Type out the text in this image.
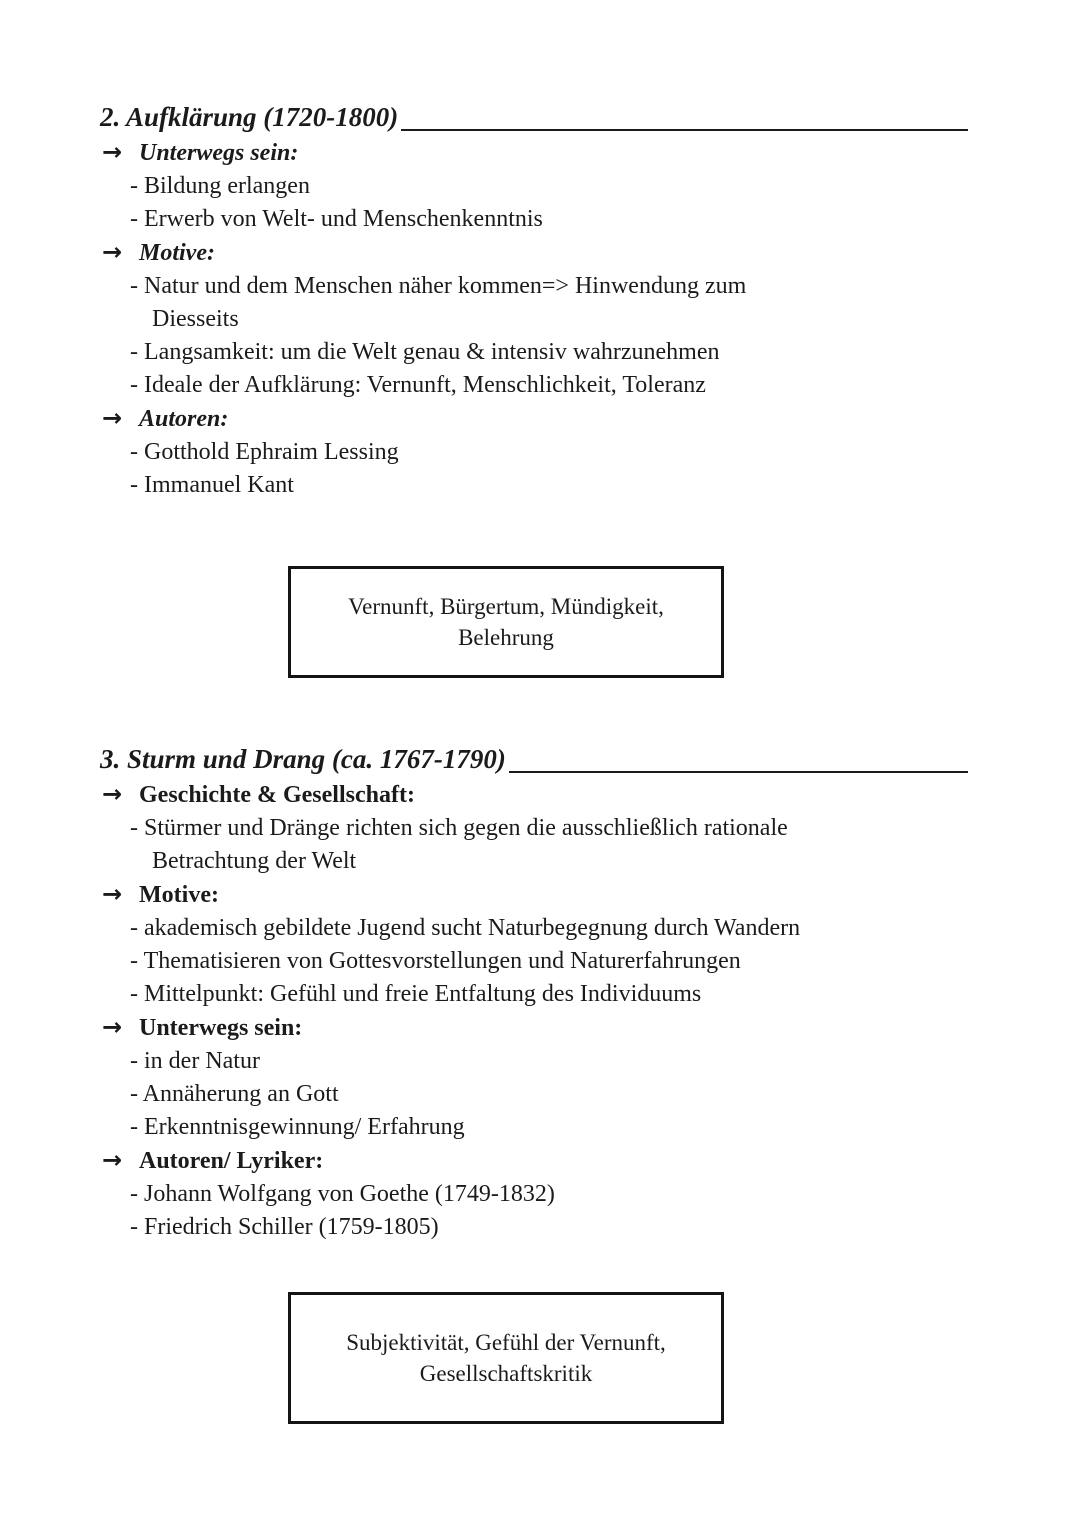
2. Aufklärung (1720-1800)
→
Unterwegs sein:
- Bildung erlangen
- Erwerb von Welt- und Menschenkenntnis
→
Motive:
- Natur und dem Menschen näher kommen=> Hinwendung zum
Diesseits
- Langsamkeit: um die Welt genau & intensiv wahrzunehmen
- Ideale der Aufklärung: Vernunft, Menschlichkeit, Toleranz
→
Autoren:
- Gotthold Ephraim Lessing
- Immanuel Kant
Vernunft, Bürgertum, Mündigkeit, Belehrung
3. Sturm und Drang (ca. 1767-1790)
→
Geschichte & Gesellschaft:
- Stürmer und Dränge richten sich gegen die ausschließlich rationale
Betrachtung der Welt
→
Motive:
- akademisch gebildete Jugend sucht Naturbegegnung durch Wandern
- Thematisieren von Gottesvorstellungen und Naturerfahrungen
- Mittelpunkt: Gefühl und freie Entfaltung des Individuums
→
Unterwegs sein:
- in der Natur
- Annäherung an Gott
- Erkenntnisgewinnung/ Erfahrung
→
Autoren/ Lyriker:
- Johann Wolfgang von Goethe (1749-1832)
- Friedrich Schiller (1759-1805)
Subjektivität, Gefühl der Vernunft, Gesellschaftskritik
